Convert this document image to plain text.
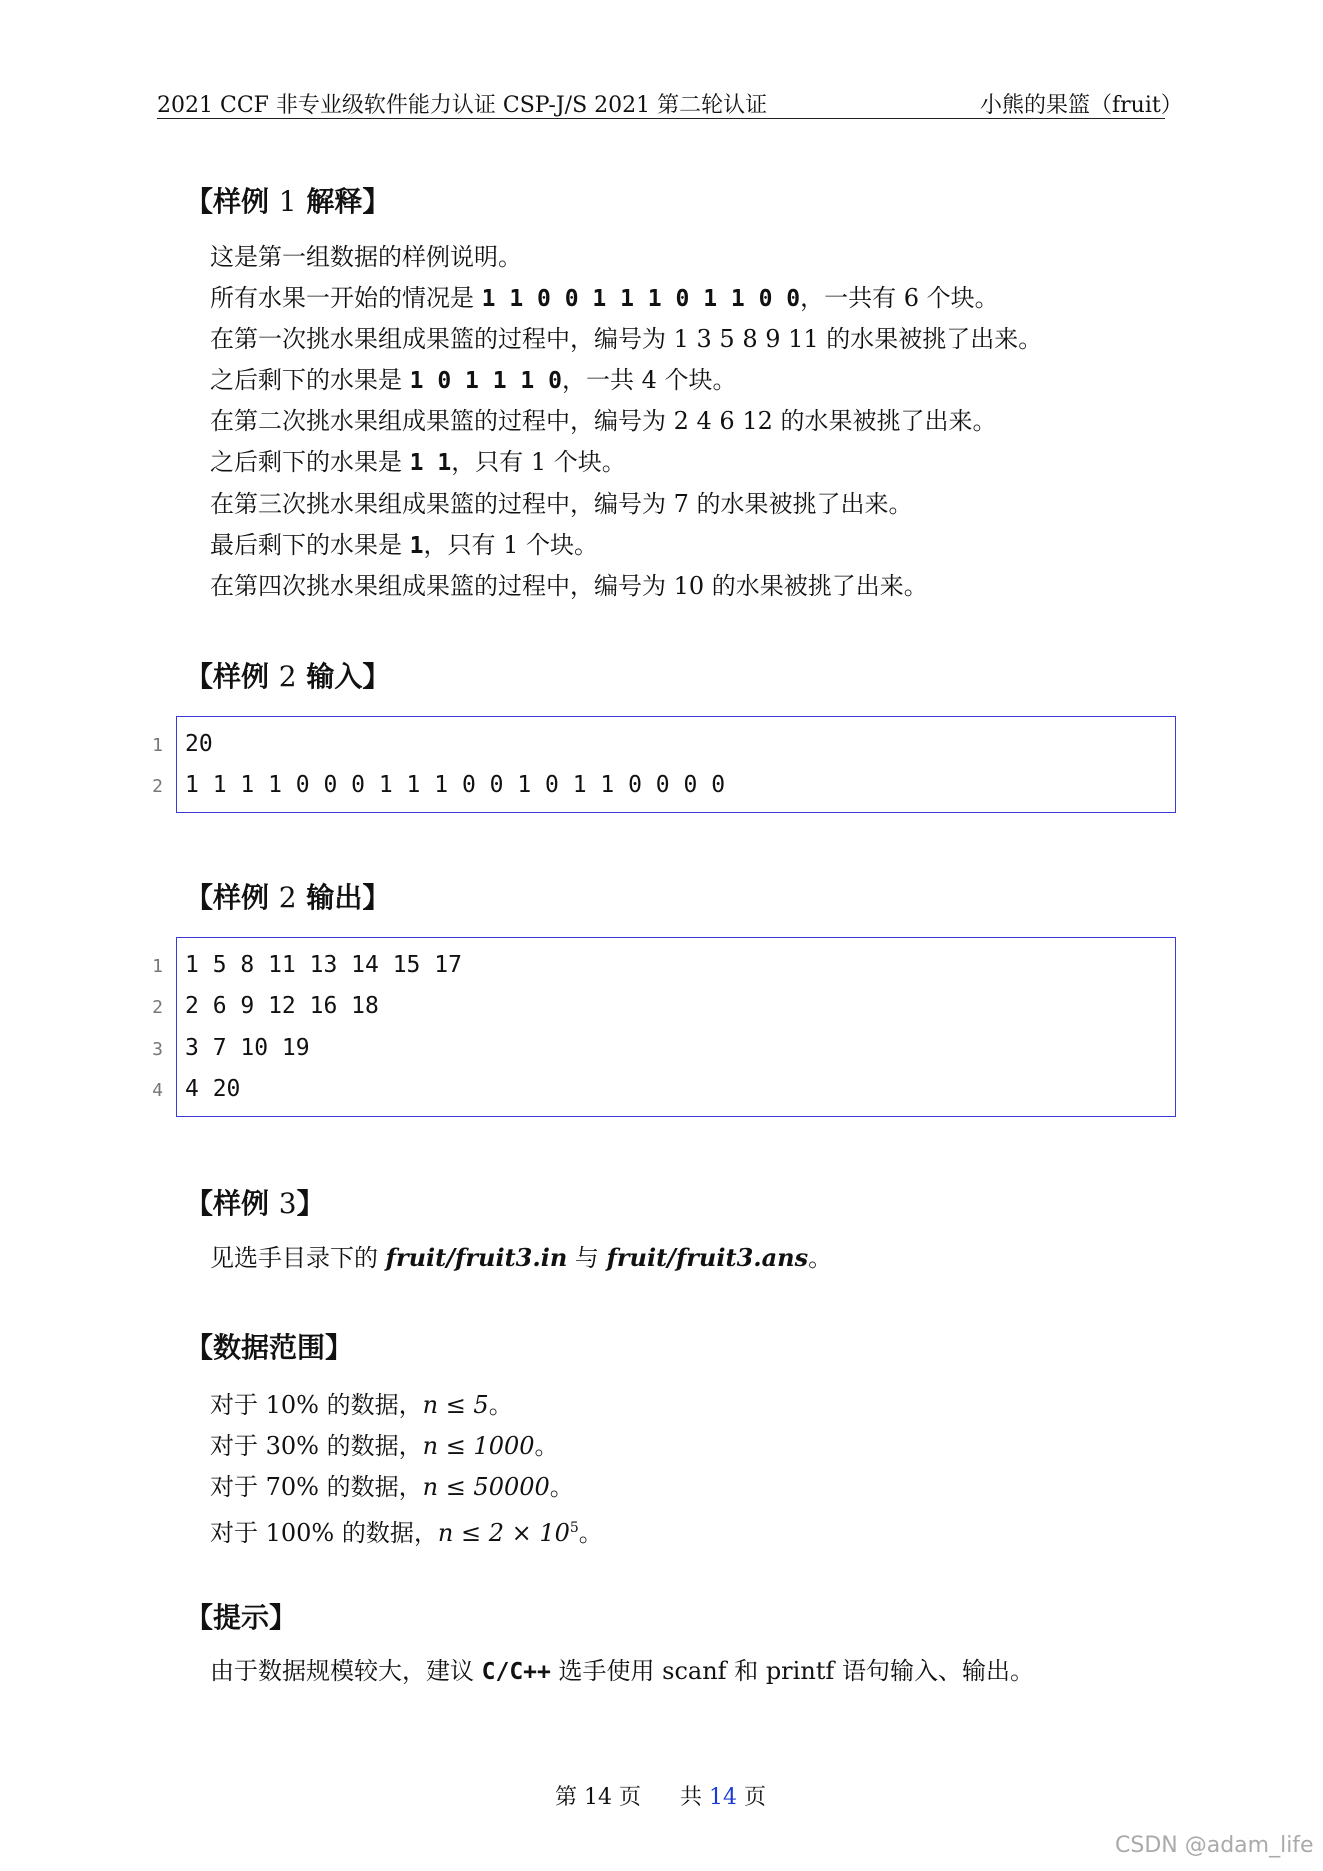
2021 CCF 非专业级软件能力认证 CSP-J/S 2021 第二轮认证	小熊的果篮（fruit）
【样例 1 解释】
这是第一组数据的样例说明。
所有水果一开始的情况是 1 1 0 0 1 1 1 0 1 1 0 0，一共有 6 个块。
在第一次挑水果组成果篮的过程中，编号为 1 3 5 8 9 11 的水果被挑了出来。
之后剩下的水果是 1 0 1 1 1 0，一共 4 个块。
在第二次挑水果组成果篮的过程中，编号为 2 4 6 12 的水果被挑了出来。
之后剩下的水果是 1 1，只有 1 个块。
在第三次挑水果组成果篮的过程中，编号为 7 的水果被挑了出来。
最后剩下的水果是 1，只有 1 个块。
在第四次挑水果组成果篮的过程中，编号为 10 的水果被挑了出来。
【样例 2 输入】
1 20
2 1 1 1 1 0 0 0 1 1 1 0 0 1 0 1 1 0 0 0 0
【样例 2 输出】
1 1 5 8 11 13 14 15 17
2 2 6 9 12 16 18
3 3 7 10 19
4 4 20
【样例 3】
见选手目录下的 fruit/fruit3.in 与 fruit/fruit3.ans。
【数据范围】
对于 10% 的数据，n ≤ 5。
对于 30% 的数据，n ≤ 1000。
对于 70% 的数据，n ≤ 50000。
对于 100% 的数据，$n \le 2 \times 10^5$。
【提示】
由于数据规模较大，建议 C/C++ 选手使用 scanf 和 printf 语句输入、输出。
第 14 页 共 14 页
CSDN @adam_life
